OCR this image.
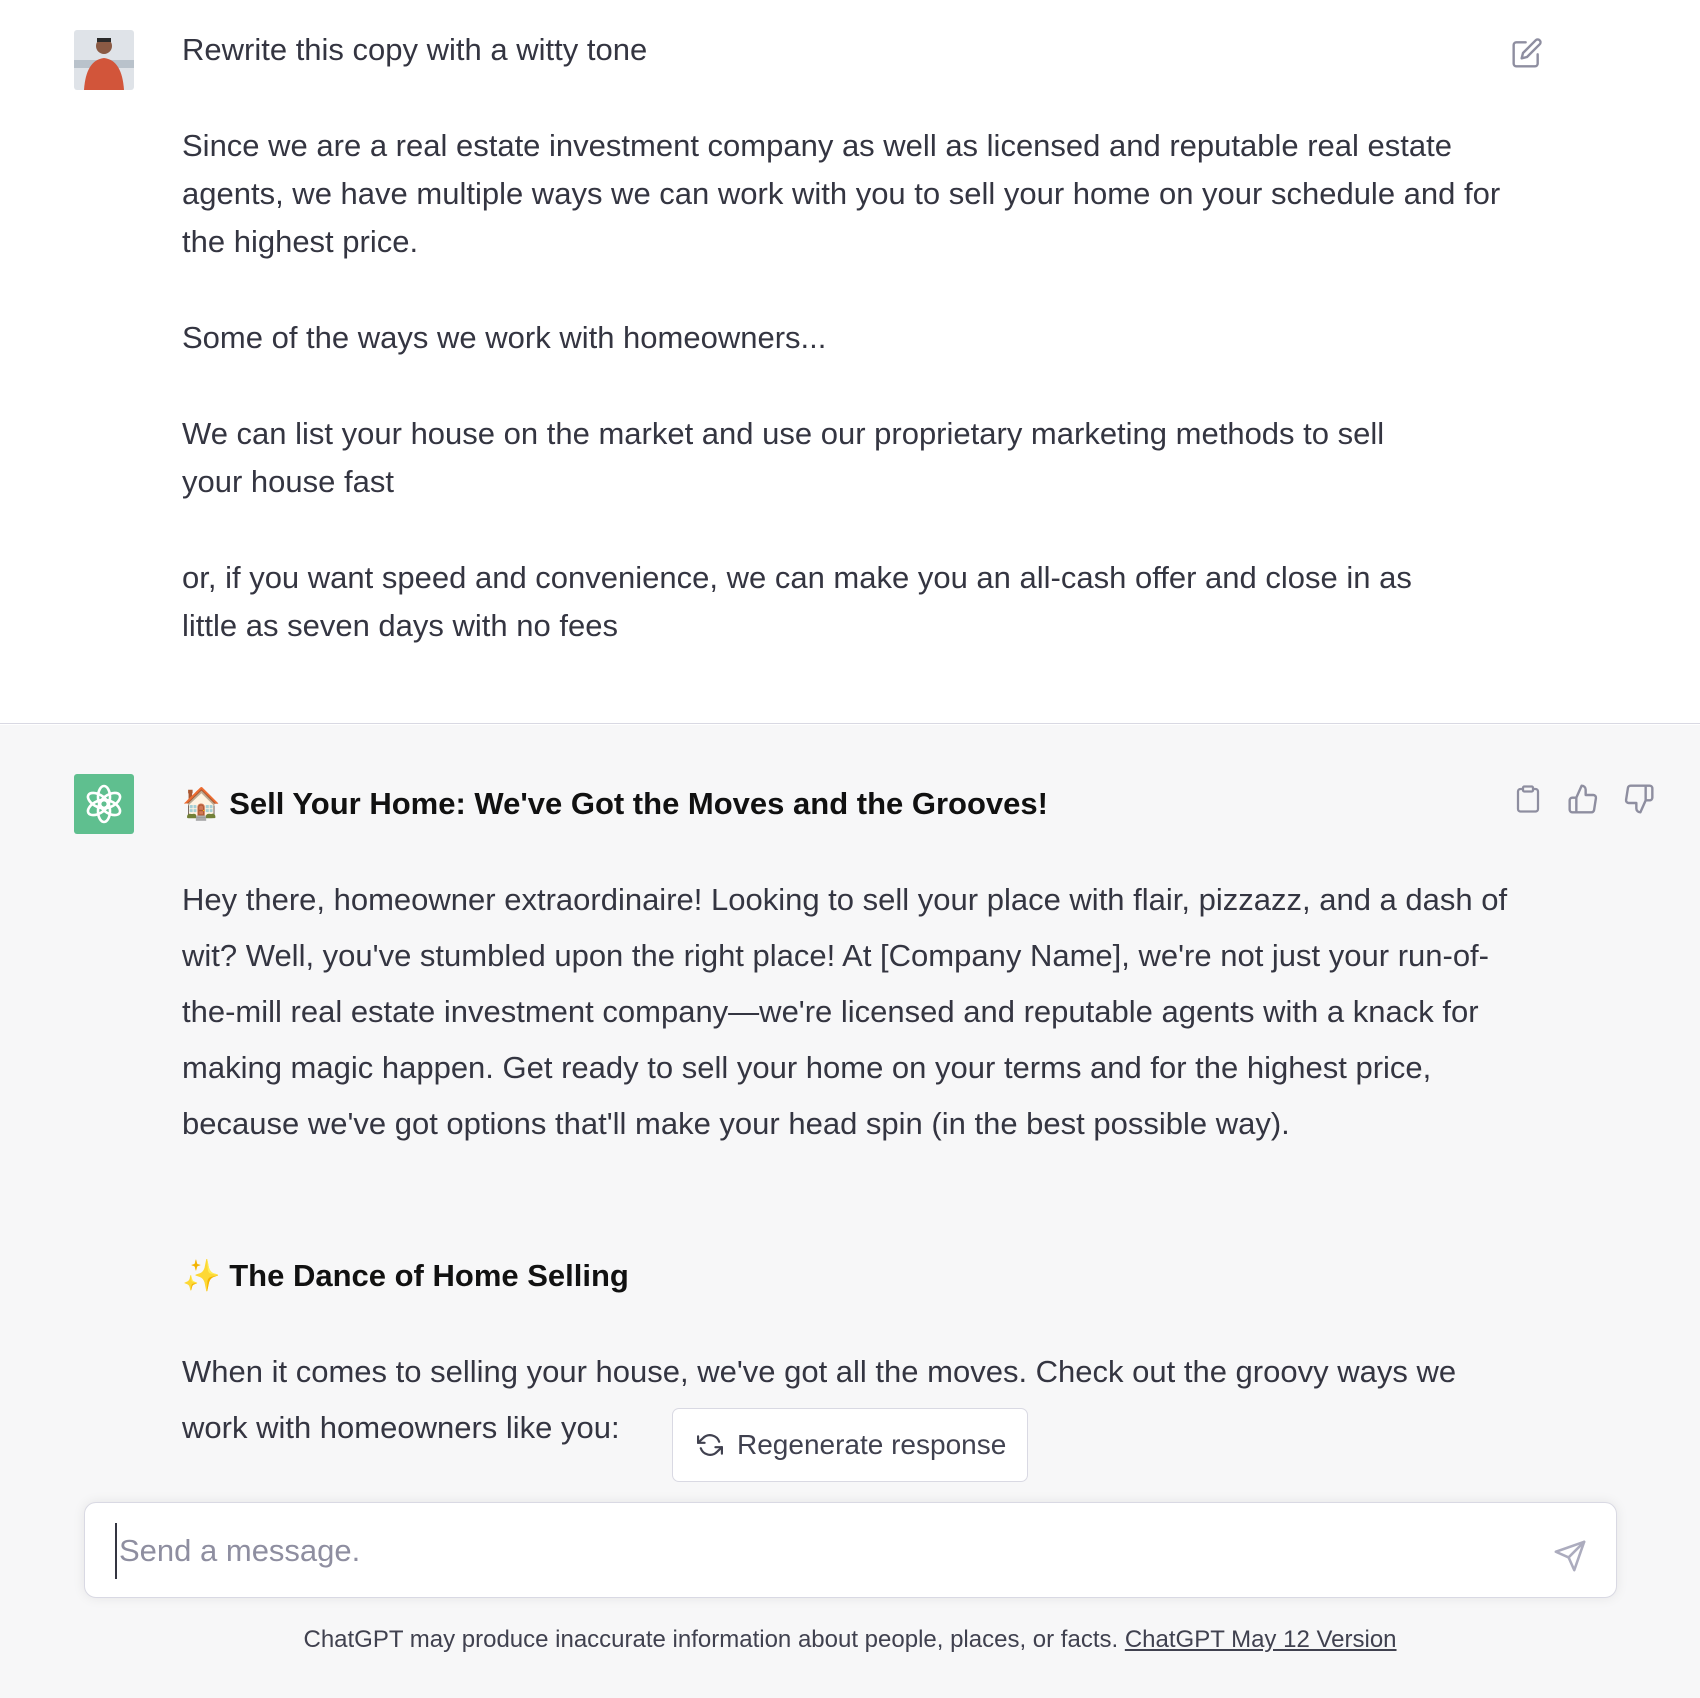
Rewrite this copy with a witty tone

Since we are a real estate investment company as well as licensed and reputable real estate agents, we have multiple ways we can work with you to sell your home on your schedule and for the highest price.

Some of the ways we work with homeowners...

We can list your house on the market and use our proprietary marketing methods to sell your house fast

or, if you want speed and convenience, we can make you an all-cash offer and close in as little as seven days with no fees

🏠 Sell Your Home: We've Got the Moves and the Grooves!

Hey there, homeowner extraordinaire! Looking to sell your place with flair, pizzazz, and a dash of wit? Well, you've stumbled upon the right place! At [Company Name], we're not just your run-of-the-mill real estate investment company—we're licensed and reputable agents with a knack for making magic happen. Get ready to sell your home on your terms and for the highest price, because we've got options that'll make your head spin (in the best possible way).

✨ The Dance of Home Selling

When it comes to selling your house, we've got all the moves. Check out the groovy ways we work with homeowners like you:	Regenerate response
Send a message.
ChatGPT may produce inaccurate information about people, places, or facts. ChatGPT May 12 Version
